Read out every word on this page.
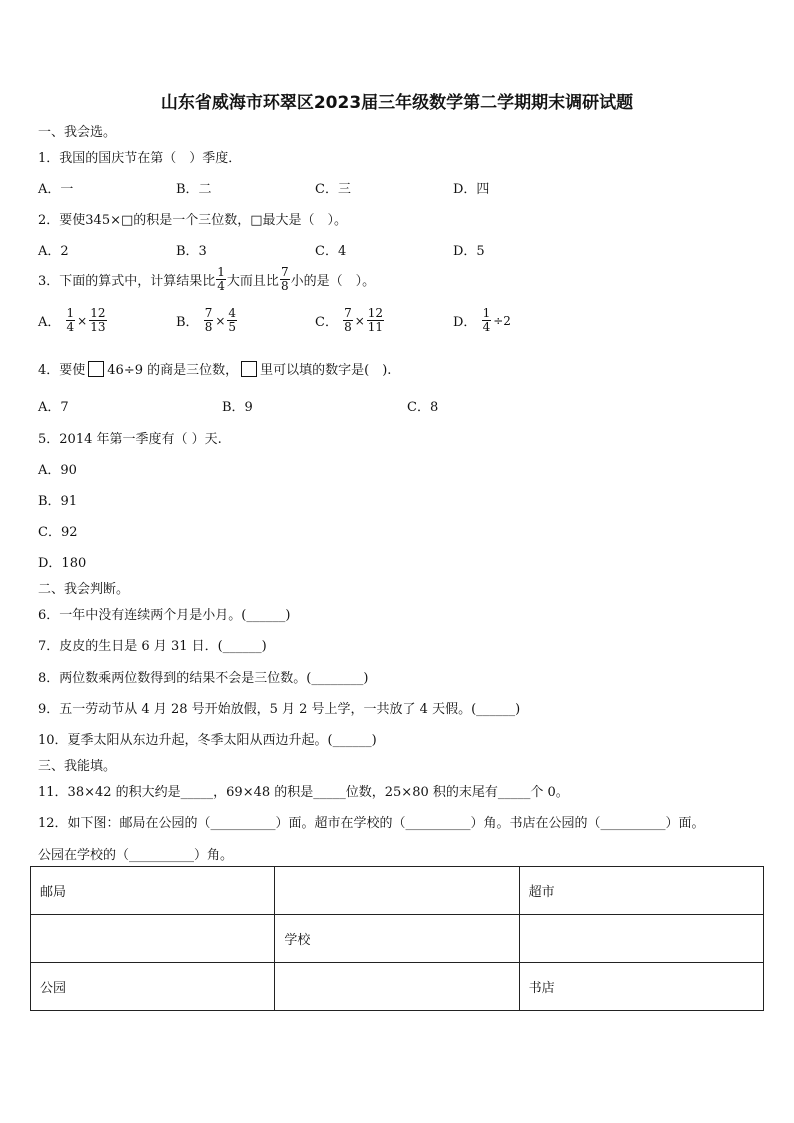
山东省威海市环翠区2023届三年级数学第二学期期末调研试题
一、我会选。
1．我国的国庆节在第（　）季度．
A．一	B．二	C．三	D．四
2．要使345×□的积是一个三位数，□最大是（　）。
A．2	B．3	C．4	D．5
3．下面的算式中，计算结果比 $\frac{1}{4}$ 大而且比 $\frac{7}{8}$ 小的是（　）。
A． $\frac{1}{4} \times \frac{12}{13}$	B． $\frac{7}{8} \times \frac{4}{5}$	C． $\frac{7}{8} \times \frac{12}{11}$	D． $\frac{1}{4} \div 2$
4．要使 46÷9 的商是三位数， 里可以填的数字是(　).
A．7	B．9	C．8
5．2014 年第一季度有（ ）天.
A．90
B．91
C．92
D．180
二、我会判断。
6．一年中没有连续两个月是小月。(______)
7．皮皮的生日是 6 月 31 日．(______)
8．两位数乘两位数得到的结果不会是三位数。(________)
9．五一劳动节从 4 月 28 号开始放假，5 月 2 号上学，一共放了 4 天假。(______)
10．夏季太阳从东边升起，冬季太阳从西边升起。(______)
三、我能填。
11．38×42 的积大约是_____，69×48 的积是_____位数，25×80 积的末尾有_____个 0。
12．如下图：邮局在公园的（__________）面。超市在学校的（__________）角。书店在公园的（__________）面。
公园在学校的（__________）角。
邮局		超市
	学校	
公园		书店
